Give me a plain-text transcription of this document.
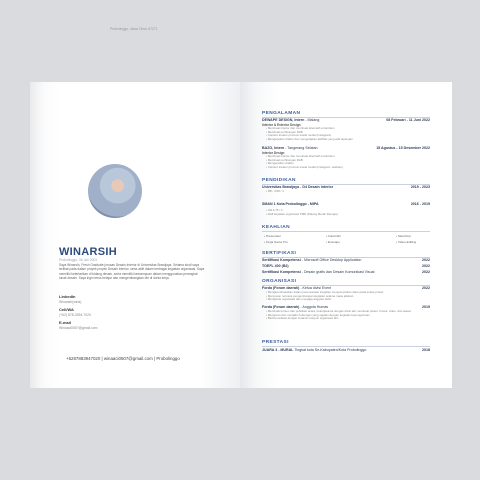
Probolinggo, Jawa Timur 67271
WINARSIH
Probolinggo, 06 Juli 2001
Saya Winarsih, Fresh Graduate jurusan Desain Interior di Universitas Brawijaya. Selama studi saya terlibat pada dalam proyek proyek Desain Interior, serta aktif dalam berbagai kegiatan organisasi. Saya memiliki ketertarikan di bidang desain, serta memiliki kemampuan dalam menggunakan perangkat lunak desain. Saya ingin terus belajar dan mengembangkan diri di dunia kerja.
LinkedIn
Winarsih(wina)
Cell/WA
(+62) 878-3394-7020
E-mail
Winaaci0507@gmail.com
+6287883947020 | winaaci0507@gmail.com | Probolinggo
PENGALAMAN
DEWAPE DESIGN, Intern - Malang	08 Februari - 11 Juni 2022
Interior & Exterior Design
• Membuat interior dan membuat alternatif untuk klien
• Membuat perhitungan RAB
• Content kreator promosi sosial media (Instagram)
• Mengerjakan drafter dan mengerjakan aktifitas yang ada lapangan
BAZO, Intern - Tangerang Selatan	15 Agustus - 15 Desember 2022
Interior Design
• Membuat interior dan membuat alternatif untuk klien
• Membuat perhitungan RAB
• Mengerjakan drafter
• Content kreator promosi sosial media (Instagram, website)
PENDIDIKAN
Universitas Brawijaya - D4 Desain Interior	2019 - 2023
• IPK: 3.68 / 4
SMAN 1 Kota Probolinggo - MIPA	2016 - 2019
• UN 3.75 / 4
• Aktif kegiatan organisasi PMR (Palang Merah Remaja)
KEAHLIAN
• Presentasi
• Kerja Sama Tim
• AutoCAD
• Enscape
• Sketchup
• Video Editing
SERTIFIKASI
Sertifikasi Kompetensi - Microsoft Office Desktop Application	2022
TOEFL 400 (B2)	2022
Sertifikasi Kompetensi - Desain grafis dan Desain Komunikasi Visual	2022
ORGANISASI
Forda (Forum daerah) - Ketua divisi Event	2022
• Mengkoordinasikan dalam perencanaan kegiatan mengumpulkan dana pada setiap proker
• Menyusun rencana pengembangan kegiatan selama masa jabatan
• Mengelola organisasi dan menjaga anggota divisi
Forda (Forum daerah) - Anggota Humas	2019
• Membuat konten dan publikasi acara, bekerjasama dengan divisi lain membuat poster, brosur, video, dan teaser
• Mengurus dan menjalin hubungan yang sejalan dengan kegiatan kepengurusan
• Berkomunikasi dengan instansi maupun organisasi lain
PRESTASI
JUARA 3 - MURAL Tingkat kota Se-Kabupaten/Kota Probolinggo	2018
